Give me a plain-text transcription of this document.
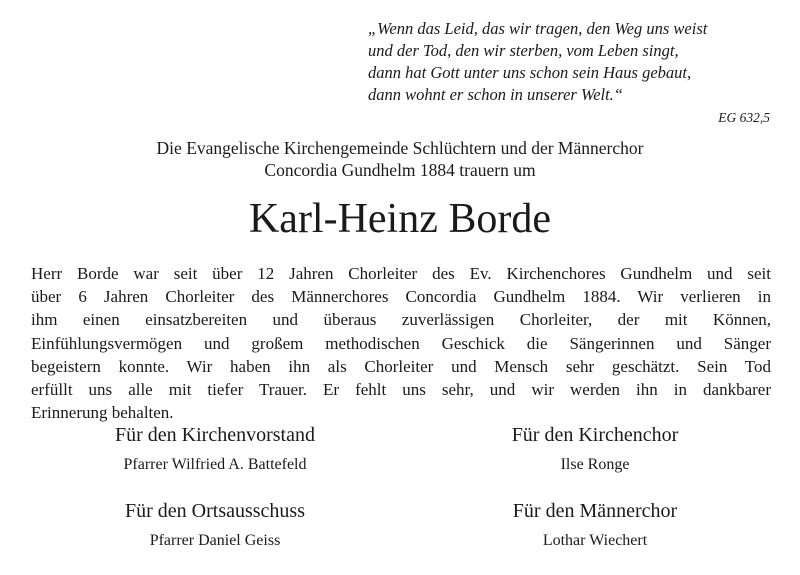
„Wenn das Leid, das wir tragen, den Weg uns weist
und der Tod, den wir sterben, vom Leben singt,
dann hat Gott unter uns schon sein Haus gebaut,
dann wohnt er schon in unserer Welt.“
EG 632,5
Die Evangelische Kirchengemeinde Schlüchtern und der Männerchor
Concordia Gundhelm 1884 trauern um
Karl-Heinz Borde
Herr Borde war seit über 12 Jahren Chorleiter des Ev. Kirchenchores Gundhelm und seit
über 6 Jahren Chorleiter des Männerchores Concordia Gundhelm 1884. Wir verlieren in
ihm einen einsatzbereiten und überaus zuverlässigen Chorleiter, der mit Können,
Einfühlungsvermögen und großem methodischen Geschick die Sängerinnen und Sänger
begeistern konnte. Wir haben ihn als Chorleiter und Mensch sehr geschätzt. Sein Tod
erfüllt uns alle mit tiefer Trauer. Er fehlt uns sehr, und wir werden ihn in dankbarer
Erinnerung behalten.
Für den Kirchenvorstand
Pfarrer Wilfried A. Battefeld
Für den Kirchenchor
Ilse Ronge
Für den Ortsausschuss
Pfarrer Daniel Geiss
Für den Männerchor
Lothar Wiechert
